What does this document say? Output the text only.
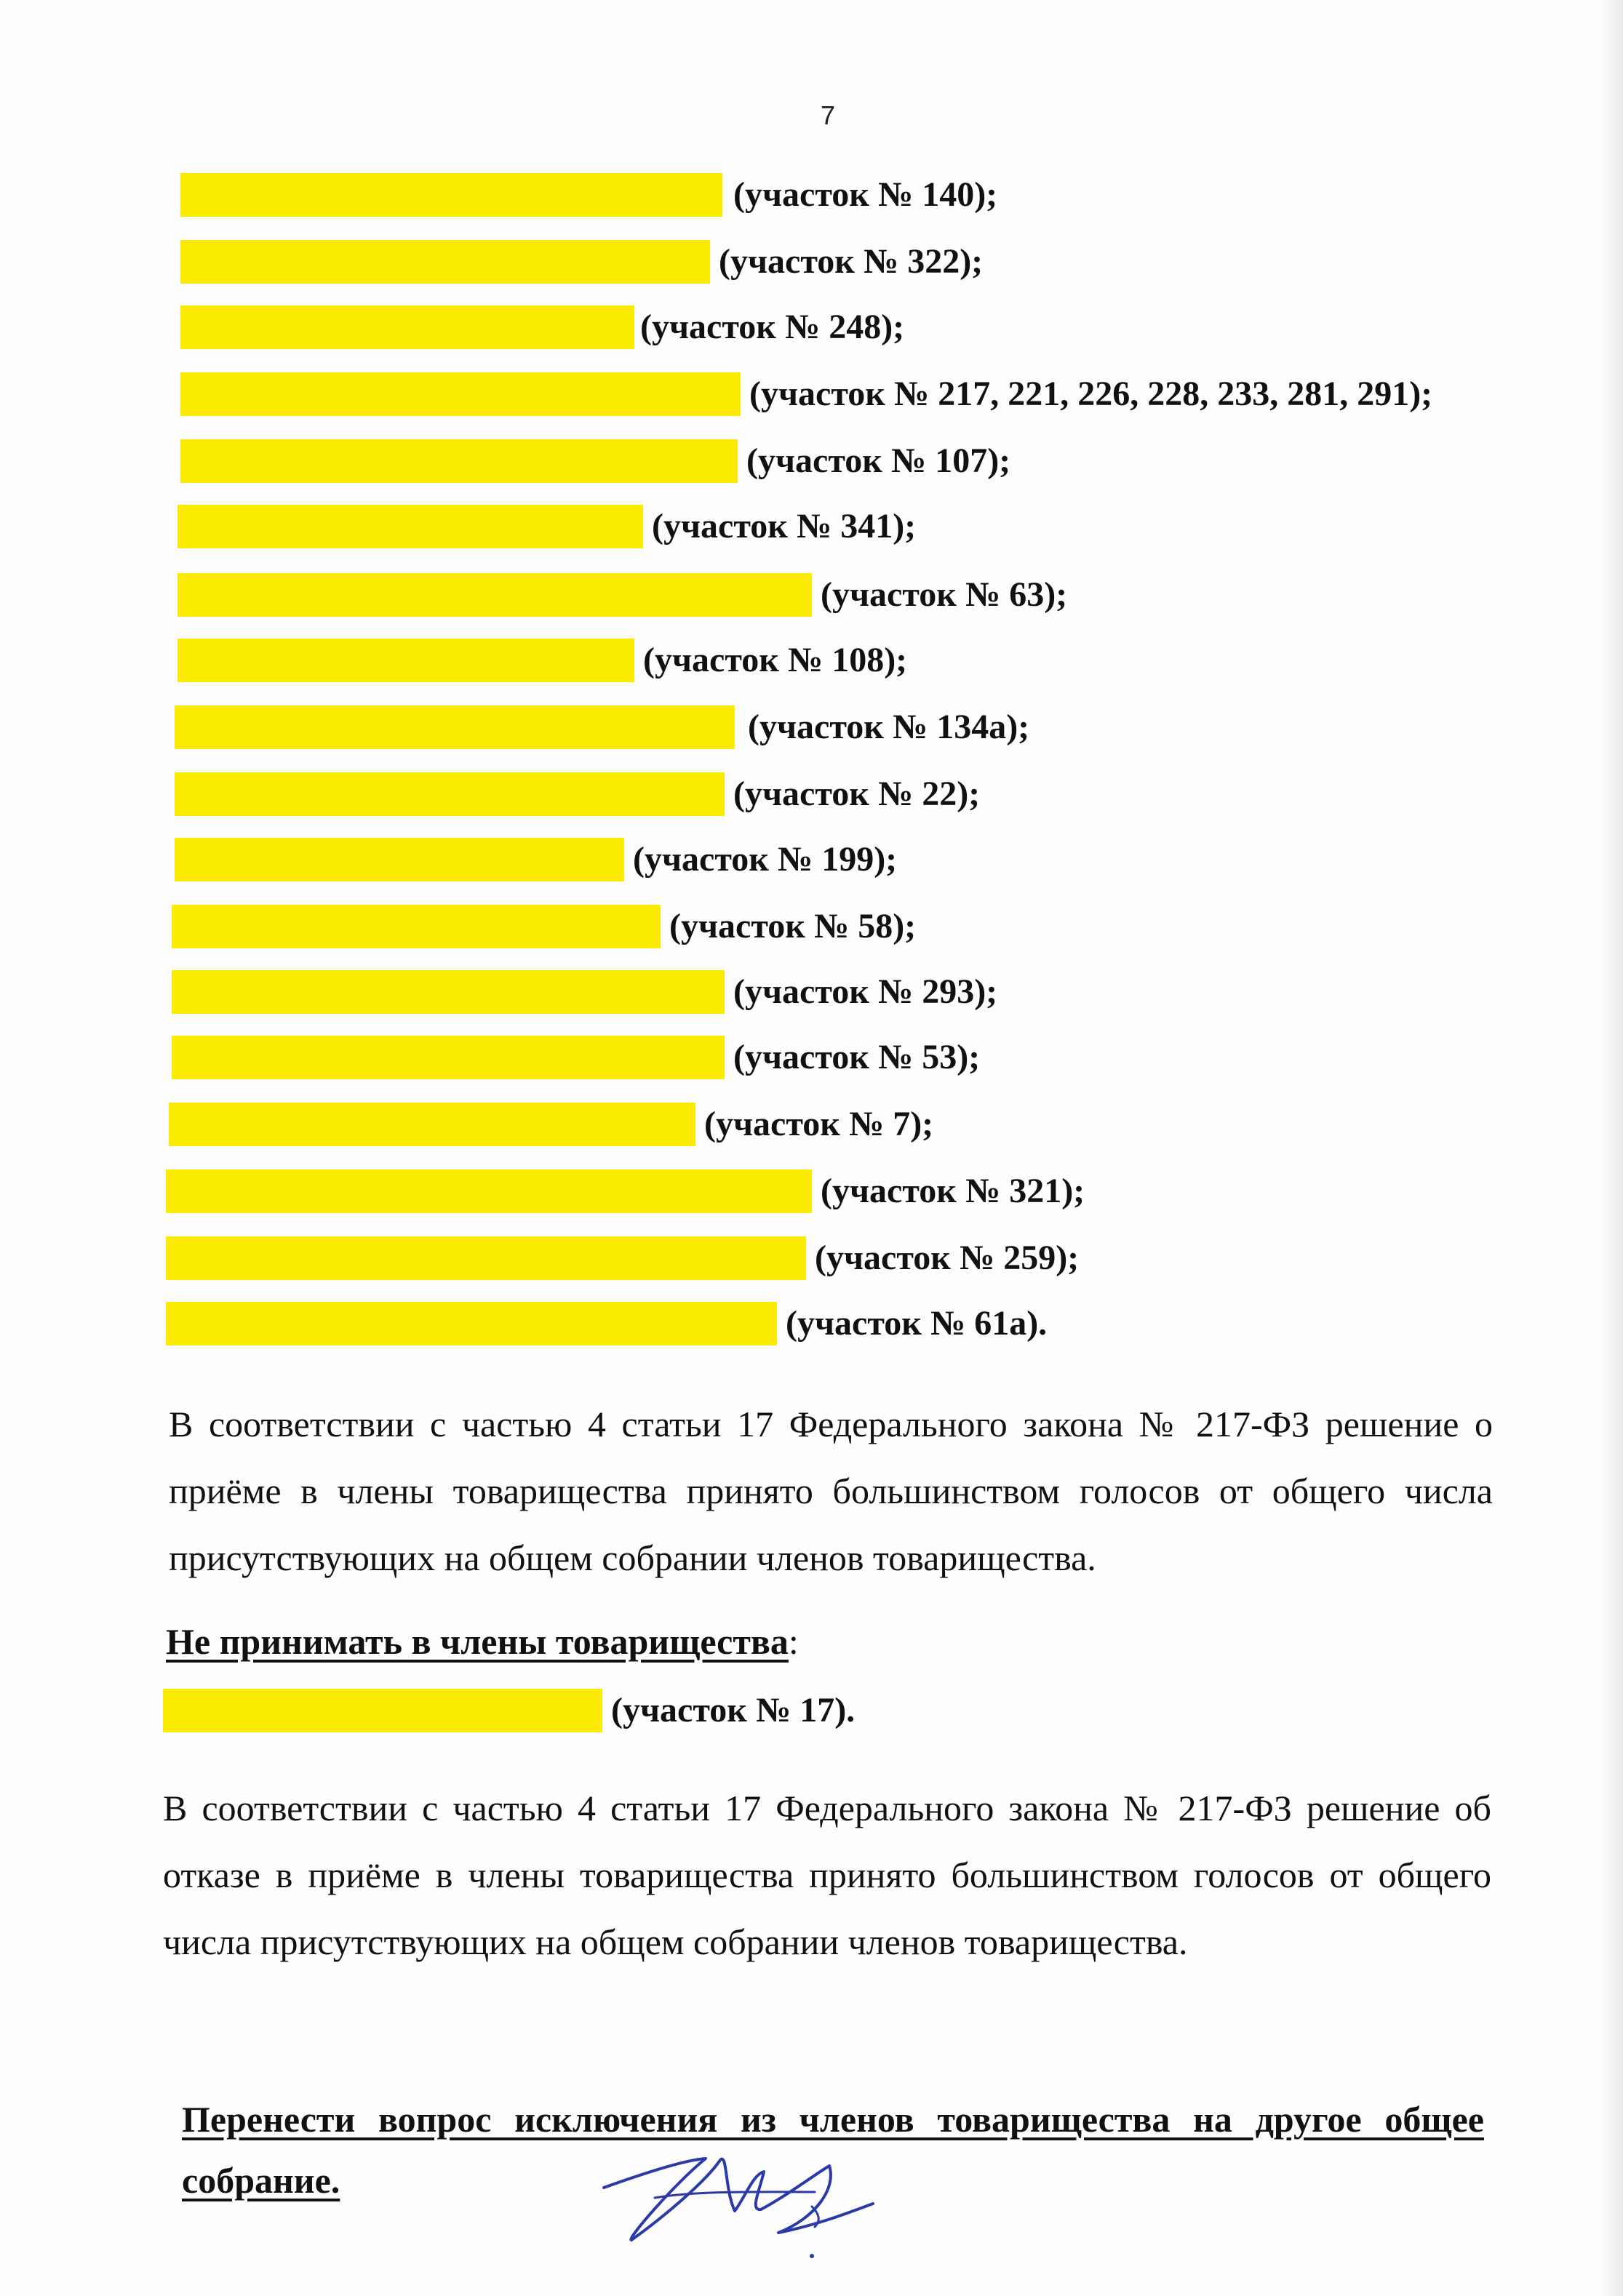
7
(участок № 140);
(участок № 322);
(участок № 248);
(участок № 217, 221, 226, 228, 233, 281, 291);
(участок № 107);
(участок № 341);
(участок № 63);
(участок № 108);
(участок № 134а);
(участок № 22);
(участок № 199);
(участок № 58);
(участок № 293);
(участок № 53);
(участок № 7);
(участок № 321);
(участок № 259);
(участок № 61а).
В соответствии с частью 4 статьи 17 Федерального закона № 217-ФЗ решение о приёме в члены товарищества принято большинством голосов от общего числа присутствующих на общем собрании членов товарищества.
Не принимать в члены товарищества:
(участок № 17).
В соответствии с частью 4 статьи 17 Федерального закона № 217-ФЗ решение об отказе в приёме в члены товарищества принято большинством голосов от общего числа присутствующих на общем собрании членов товарищества.
Перенести вопрос исключения из членов товарищества на другое общее собрание.
